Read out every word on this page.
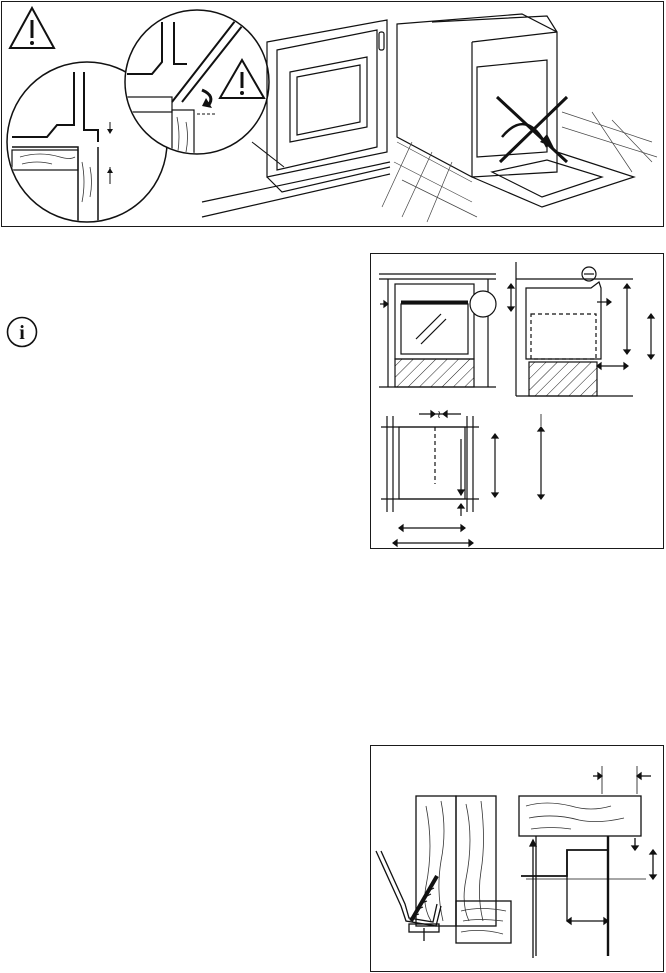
i
≀
